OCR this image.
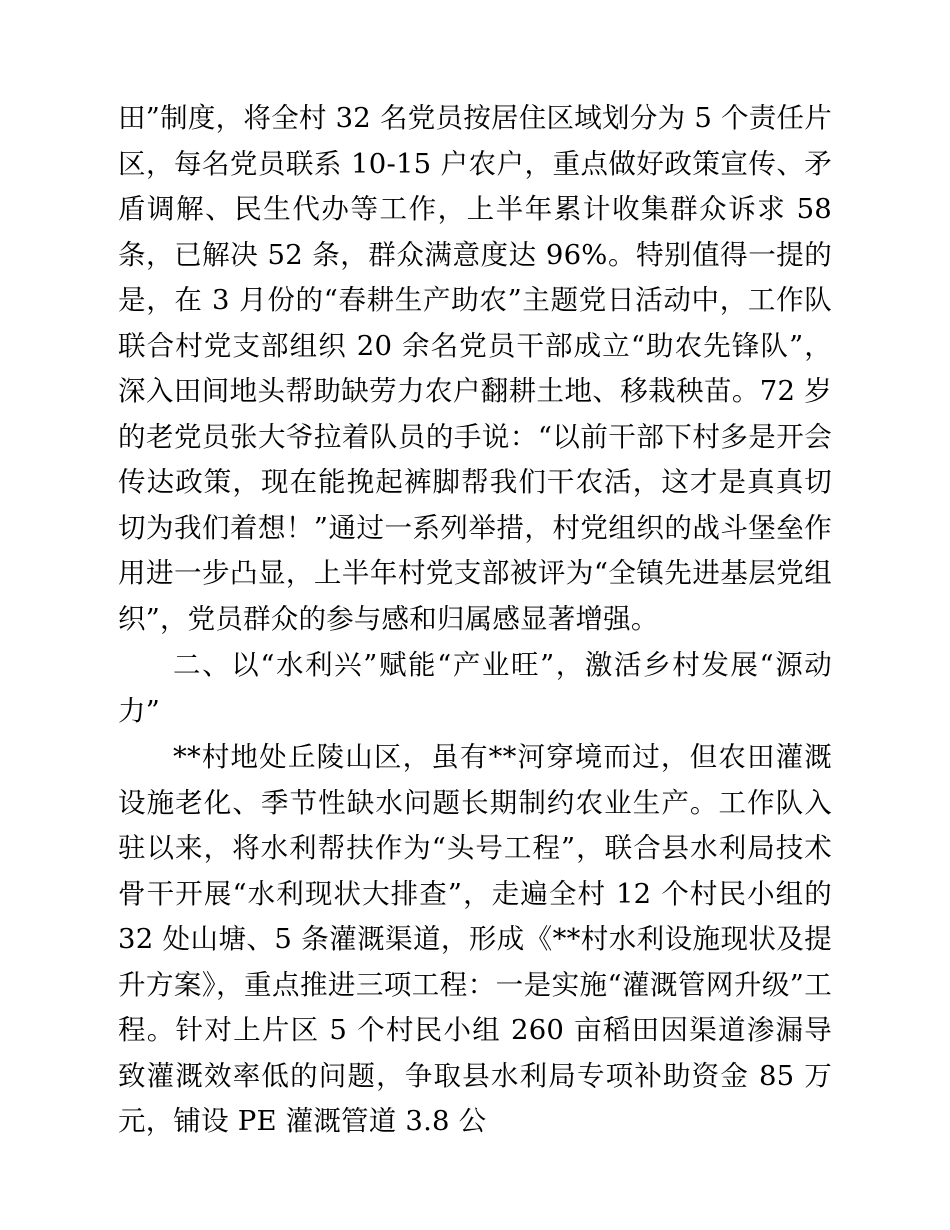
田”制度，将全村 32 名党员按居住区域划分为 5 个责任片区，每名党员联系 10-15 户农户，重点做好政策宣传、矛盾调解、民生代办等工作，上半年累计收集群众诉求 58 条，已解决 52 条，群众满意度达 96%。特别值得一提的是，在 3 月份的“春耕生产助农”主题党日活动中，工作队联合村党支部组织 20 余名党员干部成立“助农先锋队”，深入田间地头帮助缺劳力农户翻耕土地、移栽秧苗。72 岁的老党员张大爷拉着队员的手说：“以前干部下村多是开会传达政策，现在能挽起裤脚帮我们干农活，这才是真真切切为我们着想！”通过一系列举措，村党组织的战斗堡垒作用进一步凸显，上半年村党支部被评为“全镇先进基层党组织”，党员群众的参与感和归属感显著增强。

二、以“水利兴”赋能“产业旺”，激活乡村发展“源动力”

**村地处丘陵山区，虽有**河穿境而过，但农田灌溉设施老化、季节性缺水问题长期制约农业生产。工作队入驻以来，将水利帮扶作为“头号工程”，联合县水利局技术骨干开展“水利现状大排查”，走遍全村 12 个村民小组的 32 处山塘、5 条灌溉渠道，形成《**村水利设施现状及提升方案》，重点推进三项工程：一是实施“灌溉管网升级”工程。针对上片区 5 个村民小组 260 亩稻田因渠道渗漏导致灌溉效率低的问题，争取县水利局专项补助资金 85 万元，铺设 PE 灌溉管道 3.8 公
